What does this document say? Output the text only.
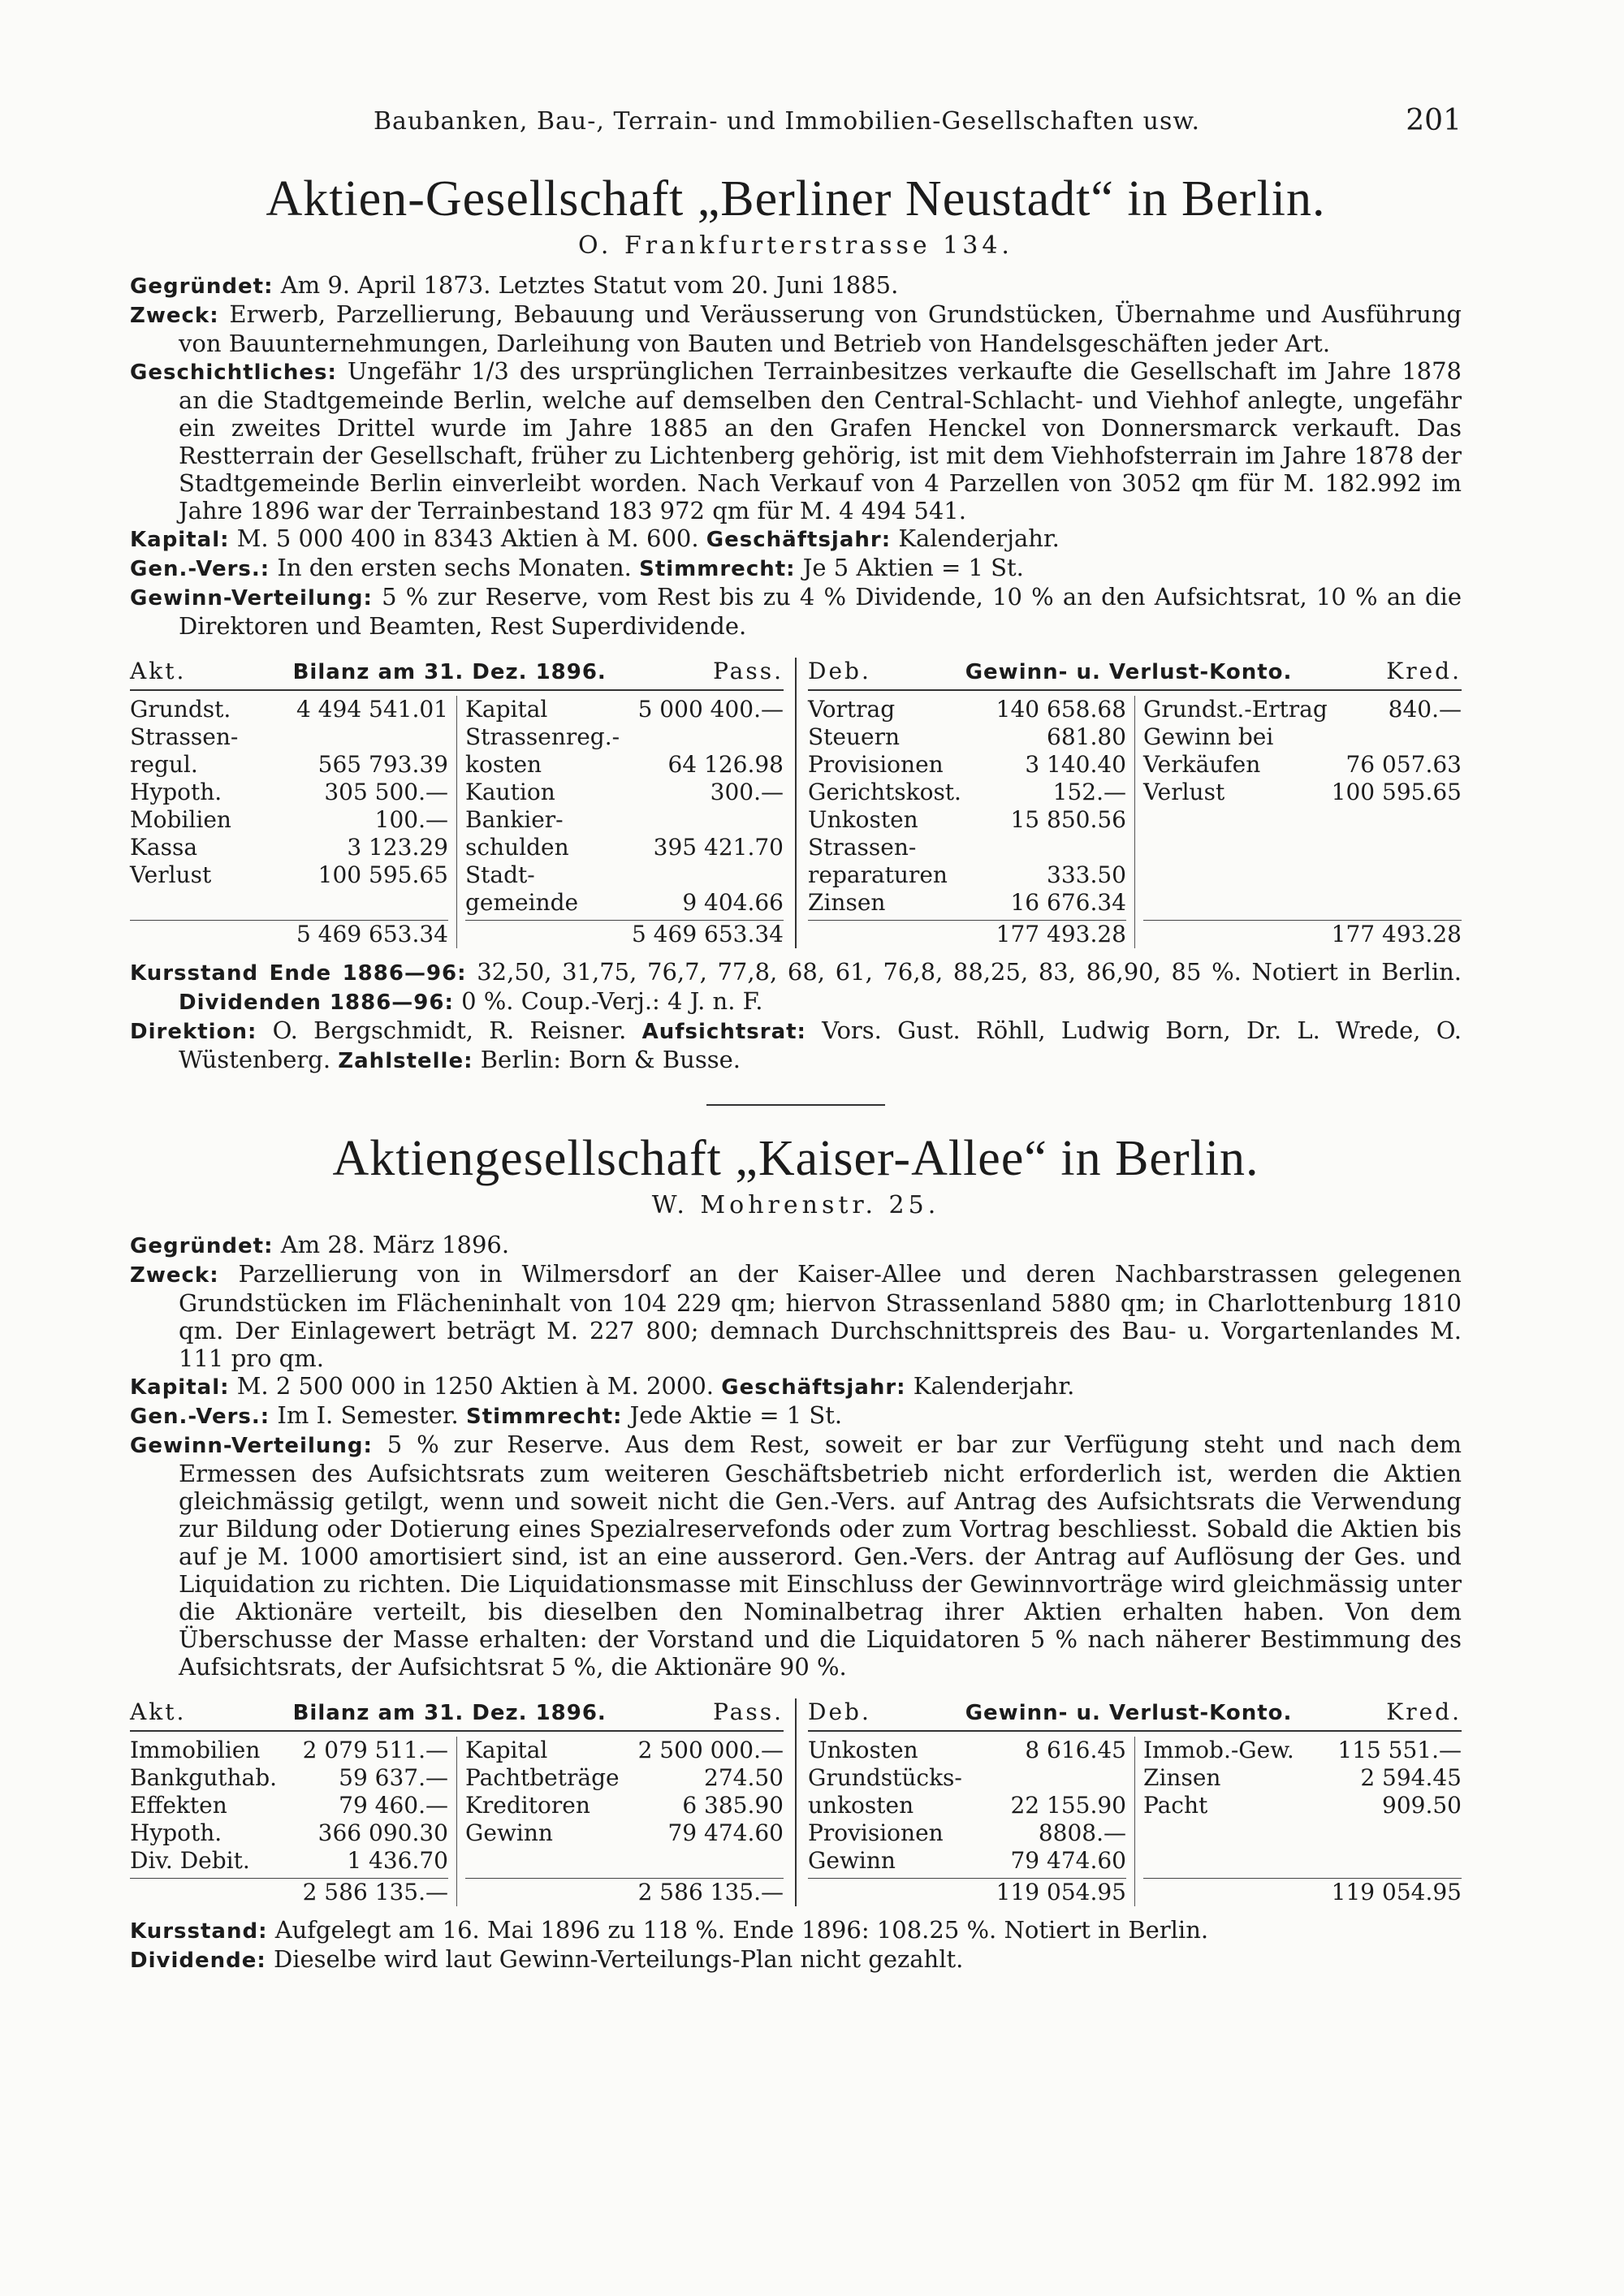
Baubanken, Bau-, Terrain- und Immobilien-Gesellschaften usw.	201
Aktien-Gesellschaft „Berliner Neustadt“ in Berlin.
O. Frankfurterstrasse 134.

Gegründet: Am 9. April 1873. Letztes Statut vom 20. Juni 1885.

Zweck: Erwerb, Parzellierung, Bebauung und Veräusserung von Grundstücken, Übernahme und Ausführung von Bauunternehmungen, Darleihung von Bauten und Betrieb von Handelsgeschäften jeder Art.

Geschichtliches: Ungefähr 1/3 des ursprünglichen Terrainbesitzes verkaufte die Gesellschaft im Jahre 1878 an die Stadtgemeinde Berlin, welche auf demselben den Central-Schlacht- und Viehhof anlegte, ungefähr ein zweites Drittel wurde im Jahre 1885 an den Grafen Henckel von Donnersmarck verkauft. Das Restterrain der Gesellschaft, früher zu Lichtenberg gehörig, ist mit dem Viehhofsterrain im Jahre 1878 der Stadtgemeinde Berlin einverleibt worden. Nach Verkauf von 4 Parzellen von 3052 qm für M. 182.992 im Jahre 1896 war der Terrainbestand 183 972 qm für M. 4 494 541.

Kapital: M. 5 000 400 in 8343 Aktien à M. 600. Geschäftsjahr: Kalenderjahr.

Gen.-Vers.: In den ersten sechs Monaten. Stimmrecht: Je 5 Aktien = 1 St.

Gewinn-Verteilung: 5 % zur Reserve, vom Rest bis zu 4 % Dividende, 10 % an den Aufsichtsrat, 10 % an die Direktoren und Beamten, Rest Superdividende.

Akt.	Bilanz am 31. Dez. 1896.	Pass.
Grundst.	4 494 541.01
Strassen-
regul.	565 793.39
Hypoth.	305 500.—
Mobilien	100.—
Kassa	3 123.29
Verlust	100 595.65

5 469 653.34
Kapital	5 000 400.—
Strassenreg.-
kosten	64 126.98
Kaution	300.—
Bankier-
schulden	395 421.70
Stadt-
gemeinde	9 404.66
5 469 653.34
Deb.	Gewinn- u. Verlust-Konto.	Kred.
Vortrag	140 658.68
Steuern	681.80
Provisionen	3 140.40
Gerichtskost.	152.—
Unkosten	15 850.56
Strassen-
reparaturen	333.50
Zinsen	16 676.34
177 493.28
Grundst.-Ertrag	840.—
Gewinn bei
Verkäufen	76 057.63
Verlust	100 595.65

177 493.28

Kursstand Ende 1886—96: 32,50, 31,75, 76,7, 77,8, 68, 61, 76,8, 88,25, 83, 86,90, 85 %. Notiert in Berlin. Dividenden 1886—96: 0 %. Coup.-Verj.: 4 J. n. F.

Direktion: O. Bergschmidt, R. Reisner. Aufsichtsrat: Vors. Gust. Röhll, Ludwig Born, Dr. L. Wrede, O. Wüstenberg. Zahlstelle: Berlin: Born & Busse.

Aktiengesellschaft „Kaiser-Allee“ in Berlin.
W. Mohrenstr. 25.

Gegründet: Am 28. März 1896.

Zweck: Parzellierung von in Wilmersdorf an der Kaiser-Allee und deren Nachbarstrassen gelegenen Grundstücken im Flächeninhalt von 104 229 qm; hiervon Strassenland 5880 qm; in Charlottenburg 1810 qm. Der Einlagewert beträgt M. 227 800; demnach Durchschnittspreis des Bau- u. Vorgartenlandes M. 111 pro qm.

Kapital: M. 2 500 000 in 1250 Aktien à M. 2000. Geschäftsjahr: Kalenderjahr.

Gen.-Vers.: Im I. Semester. Stimmrecht: Jede Aktie = 1 St.

Gewinn-Verteilung: 5 % zur Reserve. Aus dem Rest, soweit er bar zur Verfügung steht und nach dem Ermessen des Aufsichtsrats zum weiteren Geschäftsbetrieb nicht erforderlich ist, werden die Aktien gleichmässig getilgt, wenn und soweit nicht die Gen.-Vers. auf Antrag des Aufsichtsrats die Verwendung zur Bildung oder Dotierung eines Spezialreservefonds oder zum Vortrag beschliesst. Sobald die Aktien bis auf je M. 1000 amortisiert sind, ist an eine ausserord. Gen.-Vers. der Antrag auf Auflösung der Ges. und Liquidation zu richten. Die Liquidationsmasse mit Einschluss der Gewinnvorträge wird gleichmässig unter die Aktionäre verteilt, bis dieselben den Nominalbetrag ihrer Aktien erhalten haben. Von dem Überschusse der Masse erhalten: der Vorstand und die Liquidatoren 5 % nach näherer Bestimmung des Aufsichtsrats, der Aufsichtsrat 5 %, die Aktionäre 90 %.

Akt.	Bilanz am 31. Dez. 1896.	Pass.
Immobilien 2 079 511.—
Bankguthab.	59 637.—
Effekten	79 460.—
Hypoth.	366 090.30
Div. Debit.	1 436.70
2 586 135.—
Kapital	2 500 000.—
Pachtbeträge	274.50
Kreditoren	6 385.90
Gewinn	79 474.60

2 586 135.—
Deb.	Gewinn- u. Verlust-Konto.	Kred.
Unkosten	8 616.45
Grundstücks-
unkosten	22 155.90
Provisionen	8808.—
Gewinn	79 474.60
119 054.95
Immob.-Gew. 115 551.—
Zinsen	2 594.45
Pacht	909.50

119 054.95

Kursstand: Aufgelegt am 16. Mai 1896 zu 118 %. Ende 1896: 108.25 %. Notiert in Berlin.

Dividende: Dieselbe wird laut Gewinn-Verteilungs-Plan nicht gezahlt.
